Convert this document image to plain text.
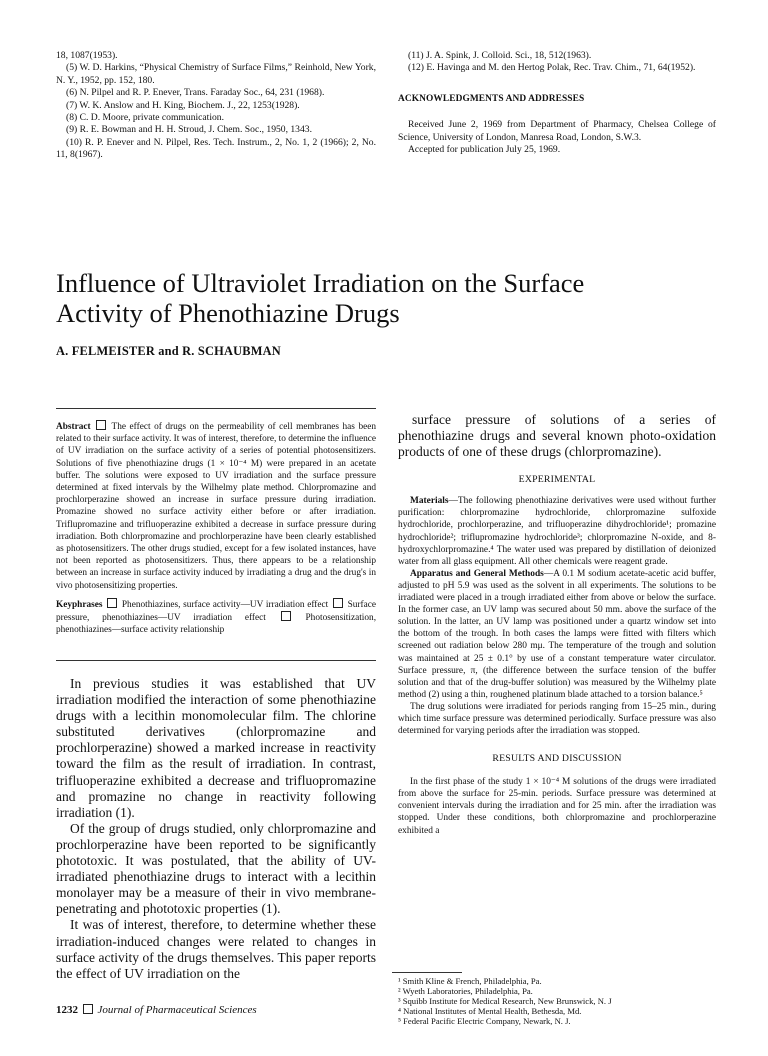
18, 1087(1953).

(5) W. D. Harkins, “Physical Chemistry of Surface Films,” Reinhold, New York, N. Y., 1952, pp. 152, 180.

(6) N. Pilpel and R. P. Enever, Trans. Faraday Soc., 64, 231 (1968).

(7) W. K. Anslow and H. King, Biochem. J., 22, 1253(1928).

(8) C. D. Moore, private communication.

(9) R. E. Bowman and H. H. Stroud, J. Chem. Soc., 1950, 1343.

(10) R. P. Enever and N. Pilpel, Res. Tech. Instrum., 2, No. 1, 2 (1966); 2, No. 11, 8(1967).

(11) J. A. Spink, J. Colloid. Sci., 18, 512(1963).

(12) E. Havinga and M. den Hertog Polak, Rec. Trav. Chim., 71, 64(1952).

ACKNOWLEDGMENTS AND ADDRESSES

Received June 2, 1969 from Department of Pharmacy, Chelsea College of Science, University of London, Manresa Road, London, S.W.3.

Accepted for publication July 25, 1969.

Influence of Ultraviolet Irradiation on the Surface
Activity of Phenothiazine Drugs
A. FELMEISTER and R. SCHAUBMAN

Abstract The effect of drugs on the permeability of cell membranes has been related to their surface activity. It was of interest, therefore, to determine the influence of UV irradiation on the surface activity of a series of potential photosensitizers. Solutions of five phenothiazine drugs (1 × 10⁻⁴ M) were prepared in an acetate buffer. The solutions were exposed to UV irradiation and the surface pressure determined at fixed intervals by the Wilhelmy plate method. Chlorpromazine and prochlorperazine showed an increase in surface pressure during irradiation. Promazine showed no surface activity either before or after irradiation. Triflupromazine and trifluoperazine exhibited a decrease in surface pressure during irradiation. Both chlorpromazine and prochlorperazine have been clearly established as photosensitizers. The other drugs studied, except for a few isolated instances, have not been reported as photosensitizers. Thus, there appears to be a relationship between an increase in surface activity induced by irradiating a drug and the drug's in vivo photosensitizing properties.

Keyphrases Phenothiazines, surface activity—UV irradiation effect Surface pressure, phenothiazines—UV irradiation effect	Photosensitization, phenothiazines—surface activity relationship

In previous studies it was established that UV irradiation modified the interaction of some phenothiazine drugs with a lecithin monomolecular film. The chlorine substituted derivatives (chlorpromazine and prochlorperazine) showed a marked increase in reactivity toward the film as the result of irradiation. In contrast, trifluoperazine exhibited a decrease and trifluopromazine and promazine no change in reactivity following irradiation (1).

Of the group of drugs studied, only chlorpromazine and prochlorperazine have been reported to be significantly phototoxic. It was postulated, that the ability of UV-irradiated phenothiazine drugs to interact with a lecithin monolayer may be a measure of their in vivo membrane-penetrating and phototoxic properties (1).

It was of interest, therefore, to determine whether these irradiation-induced changes were related to changes in surface activity of the drugs themselves. This paper reports the effect of UV irradiation on the

surface pressure of solutions of a series of phenothiazine drugs and several known photo-oxidation products of one of these drugs (chlorpromazine).

EXPERIMENTAL

Materials—The following phenothiazine derivatives were used without further purification: chlorpromazine hydrochloride, chlorpromazine sulfoxide hydrochloride, prochlorperazine, and trifluoperazine dihydrochloride¹; promazine hydrochloride²; triflupromazine hydrochloride³; chlorpromazine N-oxide, and 8-hydroxychlorpromazine.⁴ The water used was prepared by distillation of deionized water from all glass equipment. All other chemicals were reagent grade.

Apparatus and General Methods—A 0.1 M sodium acetate-acetic acid buffer, adjusted to pH 5.9 was used as the solvent in all experiments. The solutions to be irradiated were placed in a trough irradiated either from above or below the surface. In the former case, an UV lamp was secured about 50 mm. above the surface of the solution. In the latter, an UV lamp was positioned under a quartz window set into the bottom of the trough. In both cases the lamps were fitted with filters which screened out radiation below 280 mμ. The temperature of the trough and solution was maintained at 25 ± 0.1° by use of a constant temperature water circulator. Surface pressure, π, (the difference between the surface tension of the buffer solution and that of the drug-buffer solution) was measured by the Wilhelmy plate method (2) using a thin, roughened platinum blade attached to a torsion balance.⁵

The drug solutions were irradiated for periods ranging from 15–25 min., during which time surface pressure was determined periodically. Surface pressure was also determined for varying periods after the irradiation was stopped.

RESULTS AND DISCUSSION

In the first phase of the study 1 × 10⁻⁴ M solutions of the drugs were irradiated from above the surface for 25-min. periods. Surface pressure was determined at convenient intervals during the irradiation and for 25 min. after the irradiation was stopped. Under these conditions, both chlorpromazine and prochlorperazine exhibited a

¹ Smith Kline & French, Philadelphia, Pa.
² Wyeth Laboratories, Philadelphia, Pa.
³ Squibb Institute for Medical Research, New Brunswick, N. J
⁴ National Institutes of Mental Health, Bethesda, Md.
⁵ Federal Pacific Electric Company, Newark, N. J.
1232 Journal of Pharmaceutical Sciences
